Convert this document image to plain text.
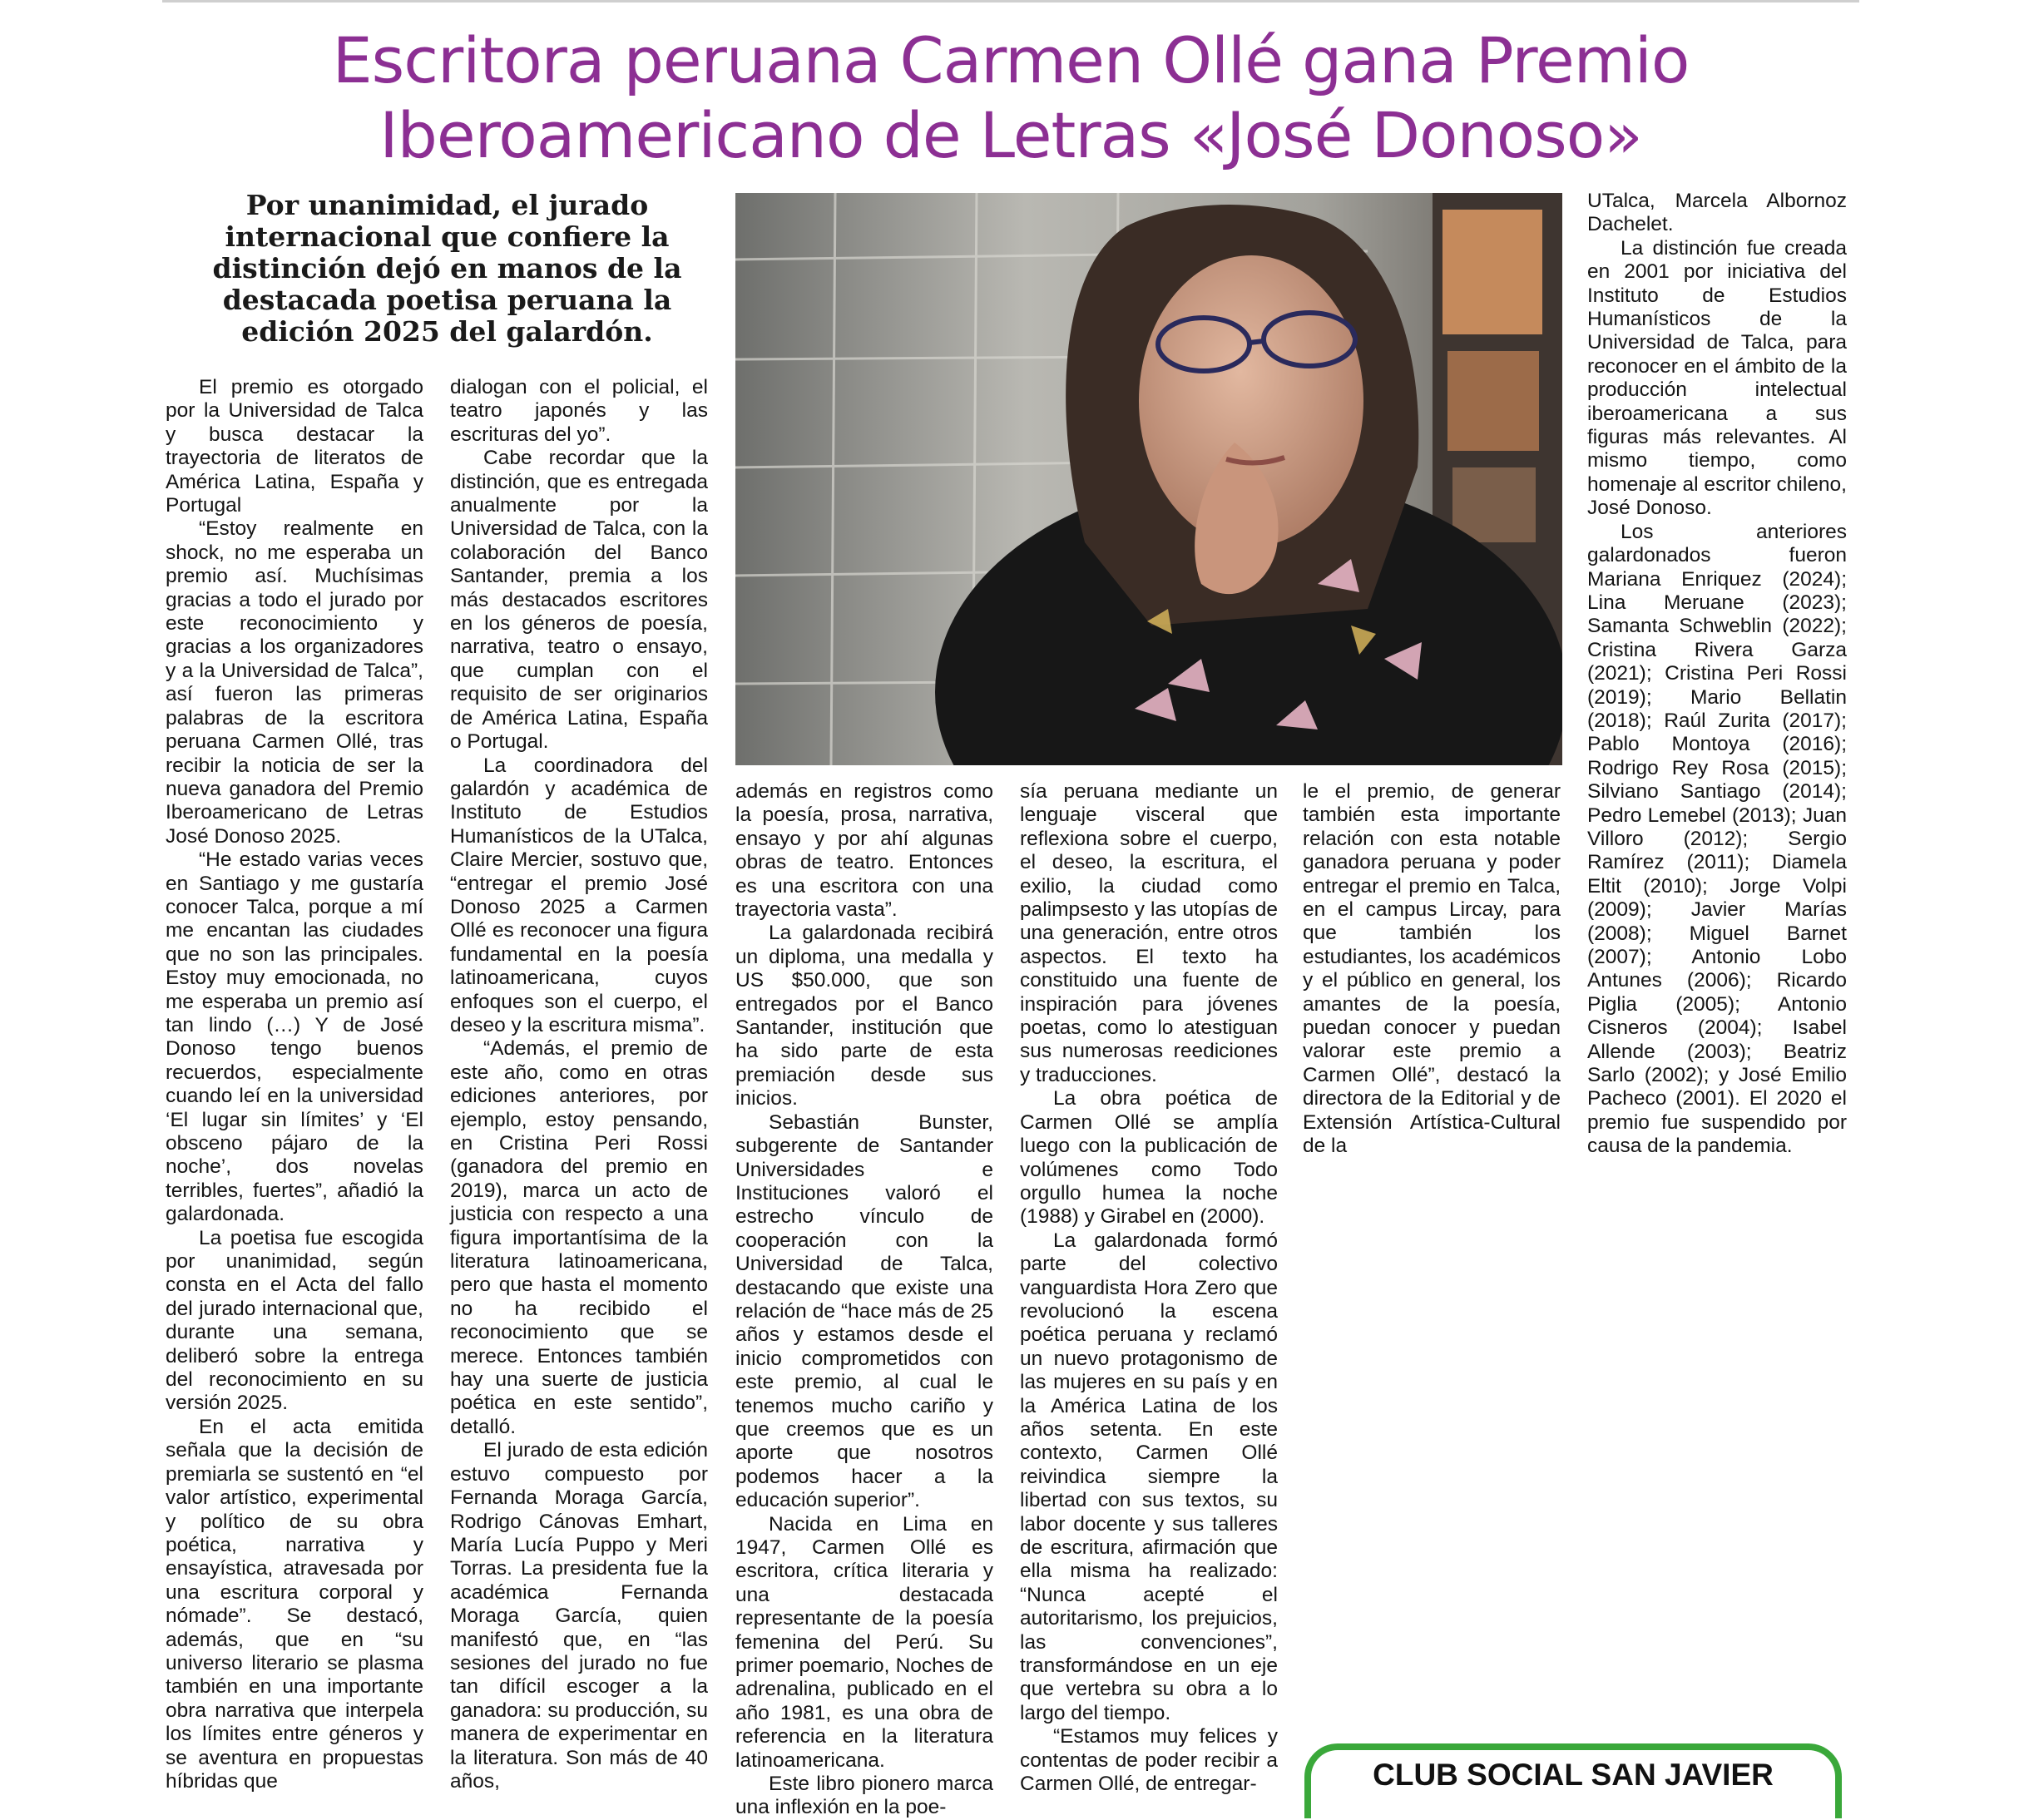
Escritora peruana Carmen Ollé gana Premio
Iberoamericano de Letras «José Donoso»

Por unanimidad, el jurado internacional que confiere la distinción dejó en manos de la destacada poetisa peruana la edición 2025 del galardón.

El premio es otorgado por la Universidad de Talca y busca destacar la trayectoria de literatos de América Latina, España y Portugal

“Estoy realmente en shock, no me esperaba un premio así. Muchísimas gracias a todo el jurado por este reconocimiento y gracias a los organizadores y a la Universidad de Talca”, así fueron las primeras palabras de la escritora peruana Carmen Ollé, tras recibir la noticia de ser la nueva ganadora del Premio Iberoamericano de Letras José Donoso 2025.

“He estado varias veces en Santiago y me gustaría conocer Talca, porque a mí me encantan las ciudades que no son las principales. Estoy muy emocionada, no me esperaba un premio así tan lindo (…) Y de José Donoso tengo buenos recuerdos, especialmente cuando leí en la universidad ‘El lugar sin límites’ y ‘El obsceno pájaro de la noche’, dos novelas terribles, fuertes”, añadió la galardonada.

La poetisa fue escogida por unanimidad, según consta en el Acta del fallo del jurado internacional que, durante una semana, deliberó sobre la entrega del reconocimiento en su versión 2025.

En el acta emitida señala que la decisión de premiarla se sustentó en “el valor artístico, experimental y político de su obra poética, narrativa y ensayística, atravesada por una escritura corporal y nómade”. Se destacó, además, que en “su universo literario se plasma también en una importante obra narrativa que interpela los límites entre géneros y se aventura en propuestas híbridas que

dialogan con el policial, el teatro japonés y las escrituras del yo”.

Cabe recordar que la distinción, que es entregada anualmente por la Universidad de Talca, con la colaboración del Banco Santander, premia a los más destacados escritores en los géneros de poesía, narrativa, teatro o ensayo, que cumplan con el requisito de ser originarios de América Latina, España o Portugal.

La coordinadora del galardón y académica de Instituto de Estudios Humanísticos de la UTalca, Claire Mercier, sostuvo que, “entregar el premio José Donoso 2025 a Carmen Ollé es reconocer una figura fundamental en la poesía latinoamericana, cuyos enfoques son el cuerpo, el deseo y la escritura misma”.

“Además, el premio de este año, como en otras ediciones anteriores, por ejemplo, estoy pensando, en Cristina Peri Rossi (ganadora del premio en 2019), marca un acto de justicia con respecto a una figura importantísima de la literatura latinoamericana, pero que hasta el momento no ha recibido el reconocimiento que se merece. Entonces también hay una suerte de justicia poética en este sentido”, detalló.

El jurado de esta edición estuvo compuesto por Fernanda Moraga García, Rodrigo Cánovas Emhart, María Lucía Puppo y Meri Torras. La presidenta fue la académica Fernanda Moraga García, quien manifestó que, en “las sesiones del jurado no fue tan difícil escoger a la ganadora: su producción, su manera de experimentar en la literatura. Son más de 40 años,

además en registros como la poesía, prosa, narrativa, ensayo y por ahí algunas obras de teatro. Entonces es una escritora con una trayectoria vasta”.

La galardonada recibirá un diploma, una medalla y US $50.000, que son entregados por el Banco Santander, institución que ha sido parte de esta premiación desde sus inicios.

Sebastián Bunster, subgerente de Santander Universidades e Instituciones valoró el estrecho vínculo de cooperación con la Universidad de Talca, destacando que existe una relación de “hace más de 25 años y estamos desde el inicio comprometidos con este premio, al cual le tenemos mucho cariño y que creemos que es un aporte que nosotros podemos hacer a la educación superior”.

Nacida en Lima en 1947, Carmen Ollé es escritora, crítica literaria y una destacada representante de la poesía femenina del Perú. Su primer poemario, Noches de adrenalina, publicado en el año 1981, es una obra de referencia en la literatura latinoamericana.

Este libro pionero marca una inflexión en la poe-

sía peruana mediante un lenguaje visceral que reflexiona sobre el cuerpo, el deseo, la escritura, el exilio, la ciudad como palimpsesto y las utopías de una generación, entre otros aspectos. El texto ha constituido una fuente de inspiración para jóvenes poetas, como lo atestiguan sus numerosas reediciones y traducciones.

La obra poética de Carmen Ollé se amplía luego con la publicación de volúmenes como Todo orgullo humea la noche (1988) y Girabel en (2000).

La galardonada formó parte del colectivo vanguardista Hora Zero que revolucionó la escena poética peruana y reclamó un nuevo protagonismo de las mujeres en su país y en la América Latina de los años setenta. En este contexto, Carmen Ollé reivindica siempre la libertad con sus textos, su labor docente y sus talleres de escritura, afirmación que ella misma ha realizado: “Nunca acepté el autoritarismo, los prejuicios, las convenciones”, transformándose en un eje que vertebra su obra a lo largo del tiempo.

“Estamos muy felices y contentas de poder recibir a Carmen Ollé, de entregar-

le el premio, de generar también esta importante relación con esta notable ganadora peruana y poder entregar el premio en Talca, en el campus Lircay, para que también los estudiantes, los académicos y el público en general, los amantes de la poesía, puedan conocer y puedan valorar este premio a Carmen Ollé”, destacó la directora de la Editorial y de Extensión Artística-Cultural de la

UTalca, Marcela Albornoz Dachelet.

La distinción fue creada en 2001 por iniciativa del Instituto de Estudios Humanísticos de la Universidad de Talca, para reconocer en el ámbito de la producción intelectual iberoamericana a sus figuras más relevantes. Al mismo tiempo, como homenaje al escritor chileno, José Donoso.

Los anteriores galardonados fueron Mariana Enriquez (2024); Lina Meruane (2023); Samanta Schweblin (2022); Cristina Rivera Garza (2021); Cristina Peri Rossi (2019); Mario Bellatin (2018); Raúl Zurita (2017); Pablo Montoya (2016); Rodrigo Rey Rosa (2015); Silviano Santiago (2014); Pedro Lemebel (2013); Juan Villoro (2012); Sergio Ramírez (2011); Diamela Eltit (2010); Jorge Volpi (2009); Javier Marías (2008); Miguel Barnet (2007); Antonio Lobo Antunes (2006); Ricardo Piglia (2005); Antonio Cisneros (2004); Isabel Allende (2003); Beatriz Sarlo (2002); y José Emilio Pacheco (2001). El 2020 el premio fue suspendido por causa de la pandemia.

CLUB SOCIAL SAN JAVIER
